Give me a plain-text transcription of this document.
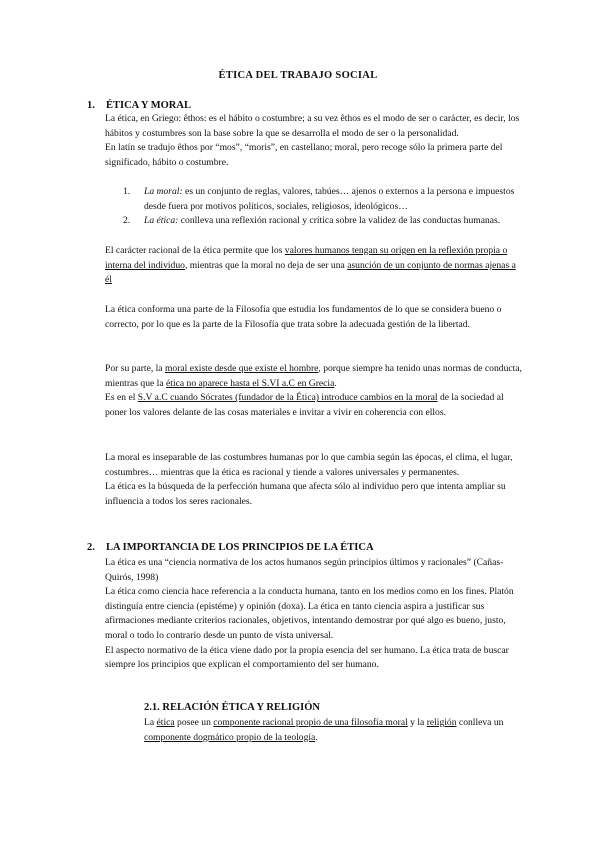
ÉTICA DEL TRABAJO SOCIAL
1. ÉTICA Y MORAL

La ética, en Griego: êthos: es el hábito o costumbre; a su vez êthos es el modo de ser o carácter, es decir, los hábitos y costumbres son la base sobre la que se desarrolla el modo de ser o la personalidad.

En latín se tradujo êthos por “mos”, “moris”, en castellano; moral, pero recoge sólo la primera parte del significado, hábito o costumbre.

1. La moral: es un conjunto de reglas, valores, tabúes… ajenos o externos a la persona e impuestos desde fuera por motivos políticos, sociales, religiosos, ideológicos…
2. La ética: conlleva una reflexión racional y crítica sobre la validez de las conductas humanas.

El carácter racional de la ética permite que los valores humanos tengan su origen en la reflexión propia o interna del individuo, mientras que la moral no deja de ser una asunción de un conjunto de normas ajenas a él

La ética conforma una parte de la Filosofía que estudia los fundamentos de lo que se considera bueno o correcto, por lo que es la parte de la Filosofía que trata sobre la adecuada gestión de la libertad.

Por su parte, la moral existe desde que existe el hombre, porque siempre ha tenido unas normas de conducta, mientras que la ética no aparece hasta el S.VI a.C en Grecia.

Es en el S.V a.C cuando Sócrates (fundador de la Ética) introduce cambios en la moral de la sociedad al poner los valores delante de las cosas materiales e invitar a vivir en coherencia con ellos.

La moral es inseparable de las costumbres humanas por lo que cambia según las épocas, el clima, el lugar, costumbres… mientras que la ética es racional y tiende a valores universales y permanentes.

La ética es la búsqueda de la perfección humana que afecta sólo al individuo pero que intenta ampliar su influencia a todos los seres racionales.

2. LA IMPORTANCIA DE LOS PRINCIPIOS DE LA ÉTICA

La ética es una “ciencia normativa de los actos humanos según principios últimos y racionales” (Cañas- Quirós, 1998)

La ética como ciencia hace referencia a la conducta humana, tanto en los medios como en los fines. Platón distinguía entre ciencia (epistéme) y opinión (doxa). La ética en tanto ciencia aspira a justificar sus afirmaciones mediante criterios racionales, objetivos, intentando demostrar por qué algo es bueno, justo, moral o todo lo contrario desde un punto de vista universal.

El aspecto normativo de la ética viene dado por la propia esencia del ser humano. La ética trata de buscar siempre los principios que explican el comportamiento del ser humano.

2.1. RELACIÓN ÉTICA Y RELIGIÓN

La ética posee un componente racional propio de una filosofía moral y la religión conlleva un componente dogmático propio de la teología.
